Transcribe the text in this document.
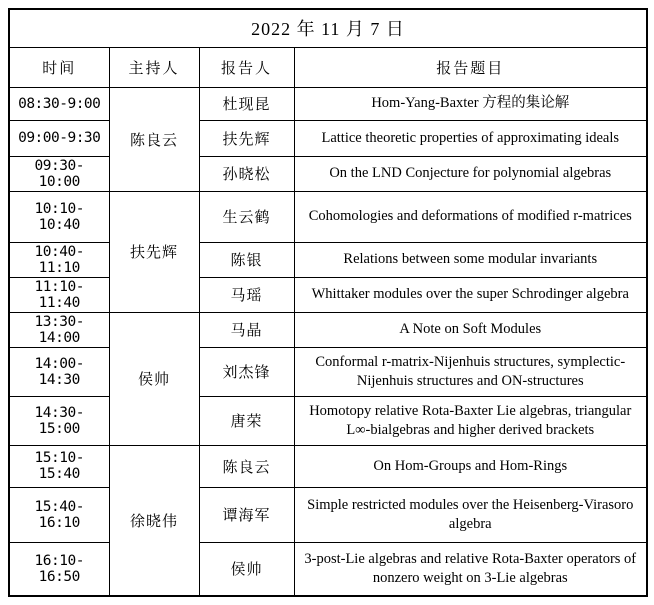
2022 年 11 月 7 日			
时间	主持人	报告人	报告题目
08:30-9:00	陈良云	杜现昆	Hom-Yang-Baxter 方程的集论解
09:00-9:30		扶先辉	Lattice theoretic properties of approximating ideals
09:30-10:00		孙晓松	On the LND Conjecture for polynomial algebras
10:10-10:40	扶先辉	生云鹤	Cohomologies and deformations of modified r-matrices
10:40-11:10		陈银	Relations between some modular invariants
11:10-11:40		马瑶	Whittaker modules over the super Schrodinger algebra
13:30-14:00	侯帅	马晶	A Note on Soft Modules
14:00-14:30		刘杰锋	Conformal r-matrix-Nijenhuis structures, symplectic-Nijenhuis structures and ON-structures
14:30-15:00		唐荣	Homotopy relative Rota-Baxter Lie algebras, triangular L∞-bialgebras and higher derived brackets
15:10-15:40	徐晓伟	陈良云	On Hom-Groups and Hom-Rings
15:40-16:10		谭海军	Simple restricted modules over the Heisenberg-Virasoro algebra
16:10-16:50		侯帅	3-post-Lie algebras and relative Rota-Baxter operators of nonzero weight on 3-Lie algebras
